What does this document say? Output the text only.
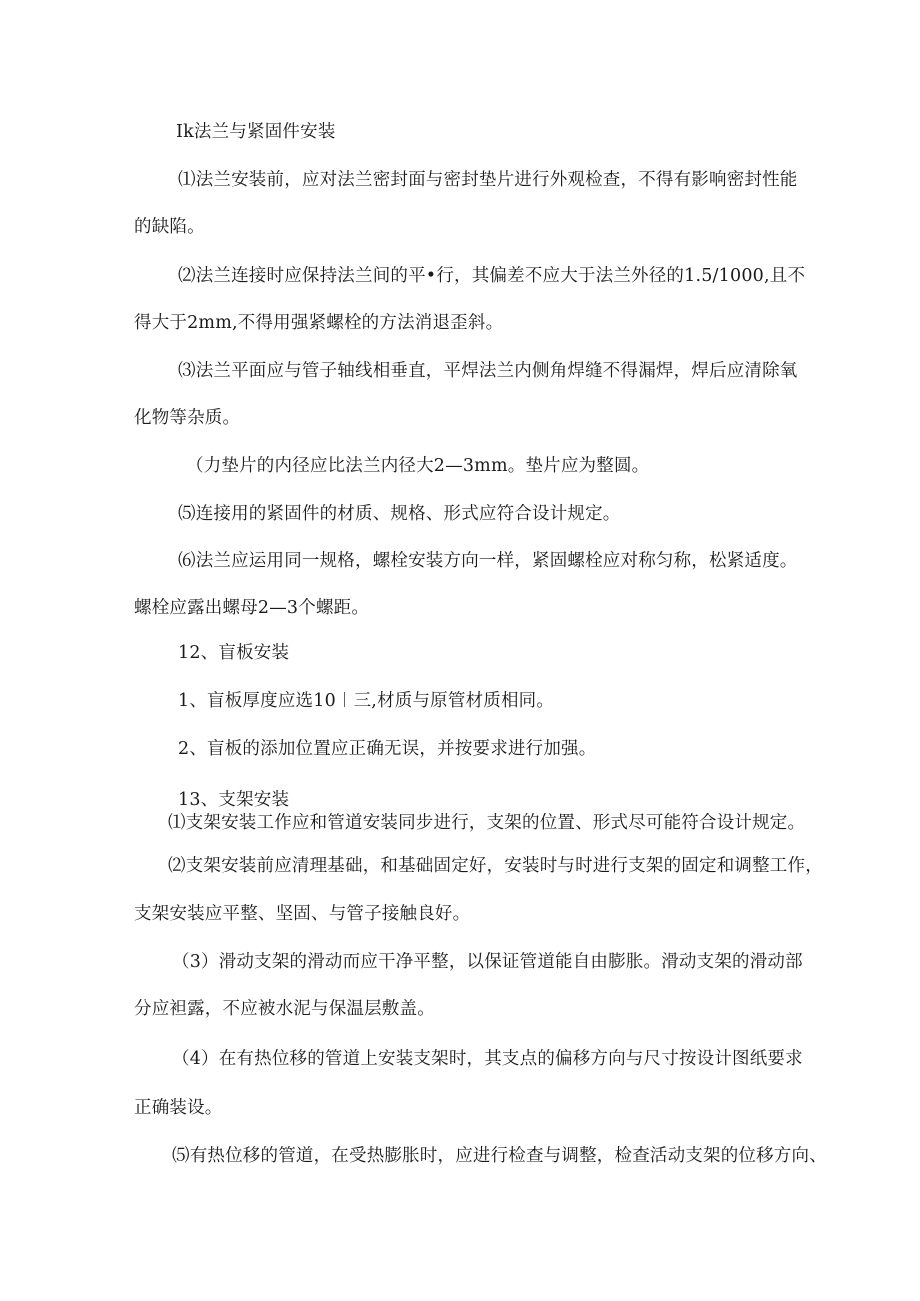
Ik法兰与紧固件安装
⑴法兰安装前，应对法兰密封面与密封垫片进行外观检查，不得有影响密封性能
的缺陷。
⑵法兰连接时应保持法兰间的平•行，其偏差不应大于法兰外径的1.5/1000,且不
得大于2mm,不得用强紧螺栓的方法消退歪斜。
⑶法兰平面应与管子轴线相垂直，平焊法兰内侧角焊缝不得漏焊，焊后应清除氧
化物等杂质。
（力垫片的内径应比法兰内径大2—3mm。垫片应为整圆。
⑸连接用的紧固件的材质、规格、形式应符合设计规定。
⑹法兰应运用同一规格，螺栓安装方向一样，紧固螺栓应对称匀称，松紧适度。
螺栓应露出螺母2—3个螺距。
12、盲板安装
1、盲板厚度应选10︱三,材质与原管材质相同。
2、盲板的添加位置应正确无误，并按要求进行加强。
13、支架安装
⑴支架安装工作应和管道安装同步进行，支架的位置、形式尽可能符合设计规定。
⑵支架安装前应清理基础，和基础固定好，安装时与时进行支架的固定和调整工作，
支架安装应平整、坚固、与管子接触良好。
（3）滑动支架的滑动而应干净平整，以保证管道能自由膨胀。滑动支架的滑动部
分应袒露，不应被水泥与保温层敷盖。
（4）在有热位移的管道上安装支架时，其支点的偏移方向与尺寸按设计图纸要求
正确装设。
⑸有热位移的管道，在受热膨胀时，应进行检查与调整，检查活动支架的位移方向、
